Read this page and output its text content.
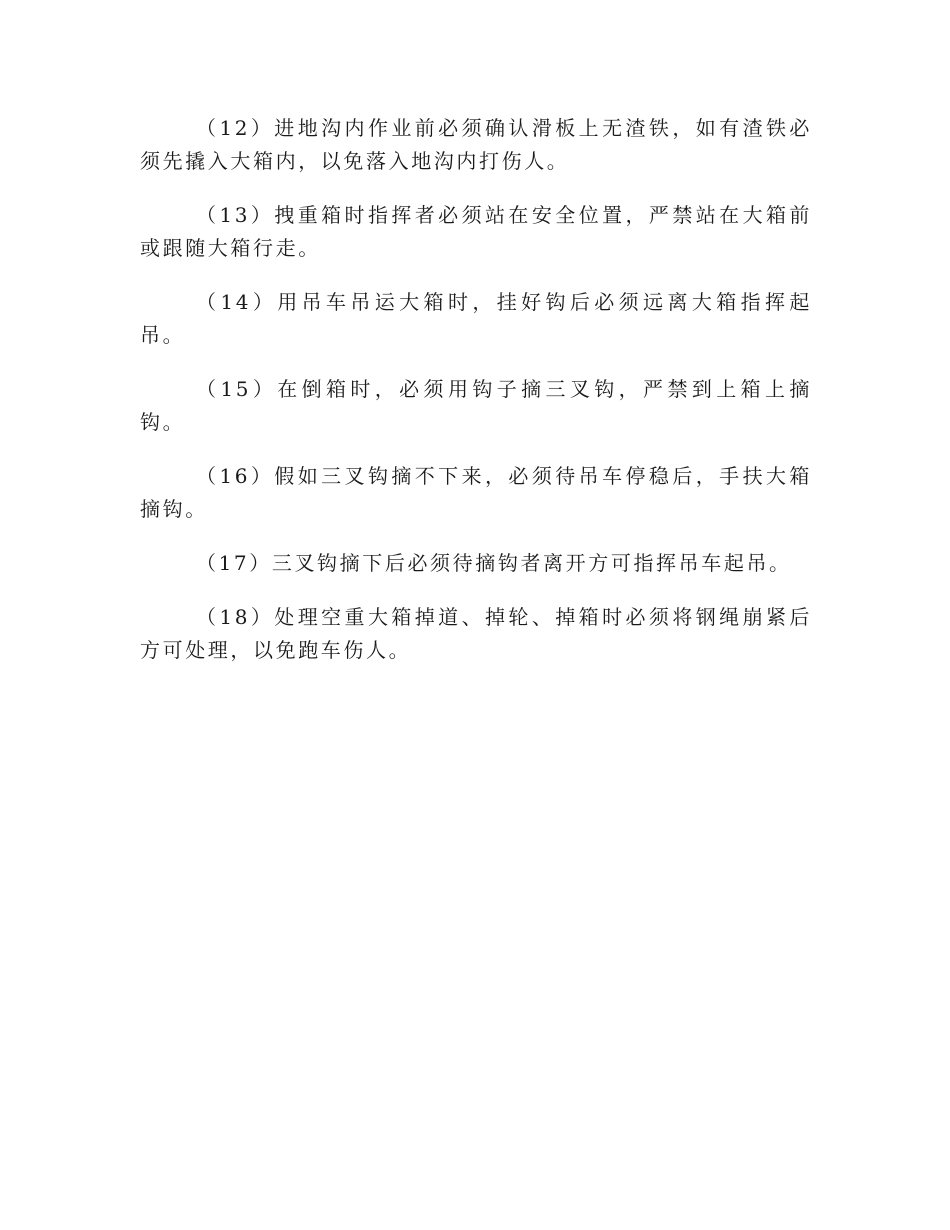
（12）进地沟内作业前必须确认滑板上无渣铁，如有渣铁必须先撬入大箱内，以免落入地沟内打伤人。

（13）拽重箱时指挥者必须站在安全位置，严禁站在大箱前或跟随大箱行走。

（14）用吊车吊运大箱时，挂好钩后必须远离大箱指挥起吊。

（15）在倒箱时，必须用钩子摘三叉钩，严禁到上箱上摘钩。

（16）假如三叉钩摘不下来，必须待吊车停稳后，手扶大箱摘钩。

（17）三叉钩摘下后必须待摘钩者离开方可指挥吊车起吊。

（18）处理空重大箱掉道、掉轮、掉箱时必须将钢绳崩紧后方可处理，以免跑车伤人。
